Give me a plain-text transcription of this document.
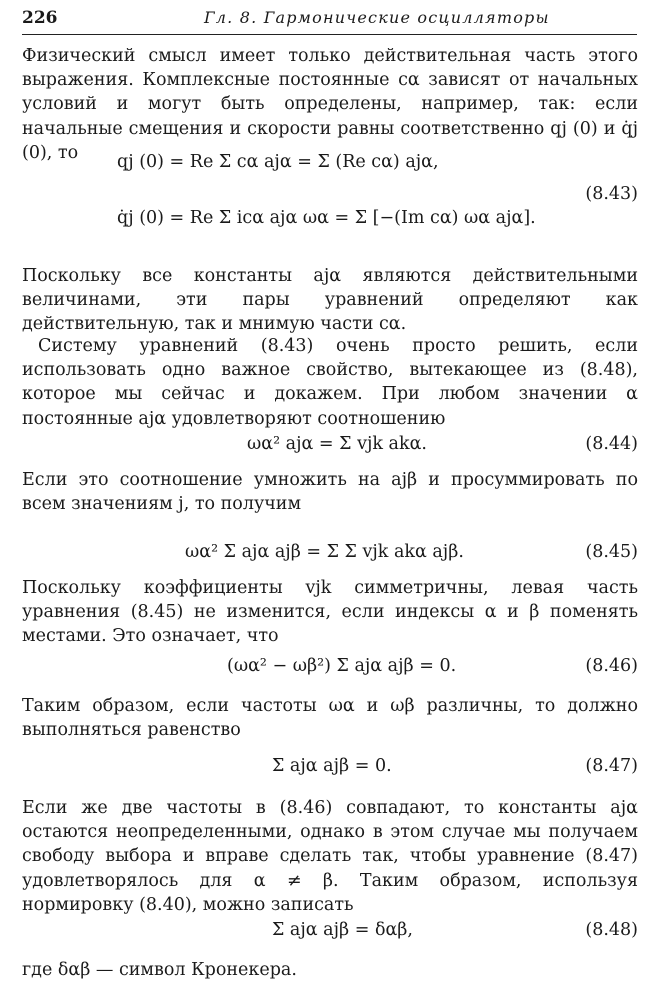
226	Гл. 8. Гармонические осцилляторы

Физический смысл имеет только действительная часть этого выражения. Комплексные постоянные cα зависят от начальных условий и могут быть определены, например, так: если начальные смещения и скорости равны соответственно qj (0) и q̇j (0), то	qj (0) = Re Σ cα ajα = Σ (Re cα) ajα,
q̇j (0) = Re Σ icα ajα ωα = Σ [−(Im cα) ωα ajα].
(8.43)

Поскольку все константы ajα являются действительными величинами, эти пары уравнений определяют как действительную, так и мнимую части cα.

Систему уравнений (8.43) очень просто решить, если использовать одно важное свойство, вытекающее из (8.48), которое мы сейчас и докажем. При любом значении α постоянные ajα удовлетворяют соотношению

ωα² ajα = Σ vjk akα.	(8.44)

Если это соотношение умножить на ajβ и просуммировать по всем значениям j, то получим

ωα² Σ ajα ajβ = Σ Σ vjk akα ajβ.	(8.45)

Поскольку коэффициенты vjk симметричны, левая часть уравнения (8.45) не изменится, если индексы α и β поменять местами. Это означает, что

(ωα² − ωβ²) Σ ajα ajβ = 0.	(8.46)

Таким образом, если частоты ωα и ωβ различны, то должно выполняться равенство

Σ ajα ajβ = 0.	(8.47)

Если же две частоты в (8.46) совпадают, то константы ajα остаются неопределенными, однако в этом случае мы получаем свободу выбора и вправе сделать так, чтобы уравнение (8.47) удовлетворялось для α ≠ β. Таким образом, используя нормировку (8.40), можно записать

Σ ajα ajβ = δαβ,	(8.48)

где δαβ — символ Кронекера.
